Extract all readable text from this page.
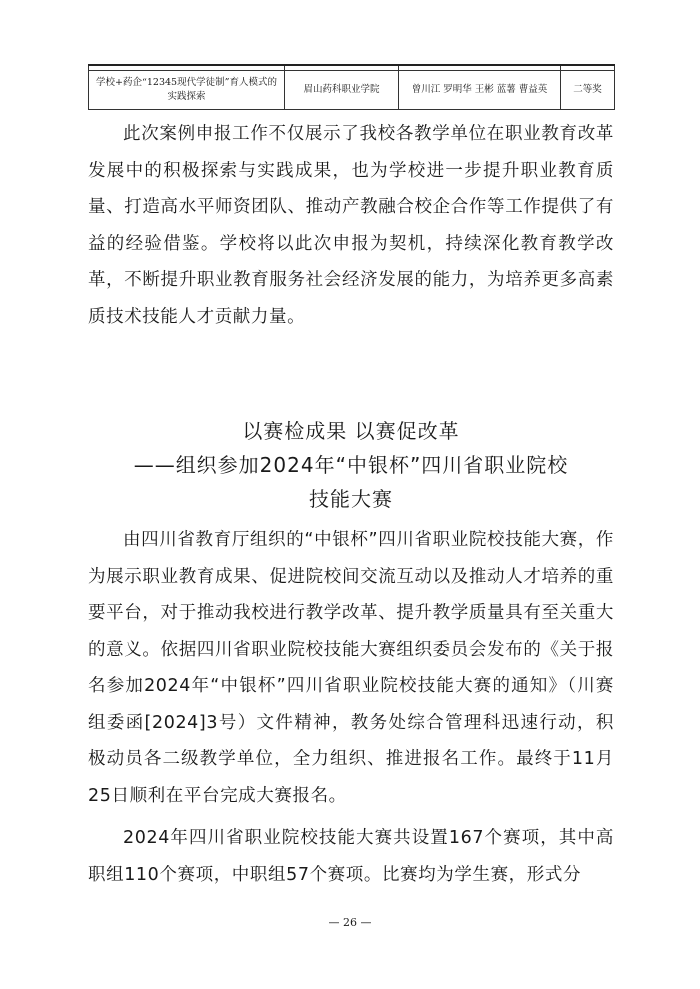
学校+药企“12345现代学徒制”育人模式的实践探索	眉山药科职业学院	曾川江 罗明华 王彬 蓝薯 曹益英	二等奖

此次案例申报工作不仅展示了我校各教学单位在职业教育改革发展中的积极探索与实践成果，也为学校进一步提升职业教育质量、打造高水平师资团队、推动产教融合校企合作等工作提供了有益的经验借鉴。学校将以此次申报为契机，持续深化教育教学改革，不断提升职业教育服务社会经济发展的能力，为培养更多高素质技术技能人才贡献力量。

以赛检成果 以赛促改革
——组织参加2024年“中银杯”四川省职业院校
技能大赛

由四川省教育厅组织的“中银杯”四川省职业院校技能大赛，作为展示职业教育成果、促进院校间交流互动以及推动人才培养的重要平台，对于推动我校进行教学改革、提升教学质量具有至关重大的意义。依据四川省职业院校技能大赛组织委员会发布的《关于报名参加2024年“中银杯”四川省职业院校技能大赛的通知》（川赛组委函[2024]3号）文件精神，教务处综合管理科迅速行动，积极动员各二级教学单位，全力组织、推进报名工作。最终于11月25日顺利在平台完成大赛报名。

2024年四川省职业院校技能大赛共设置167个赛项，其中高职组110个赛项，中职组57个赛项。比赛均为学生赛，形式分

— 26 —
